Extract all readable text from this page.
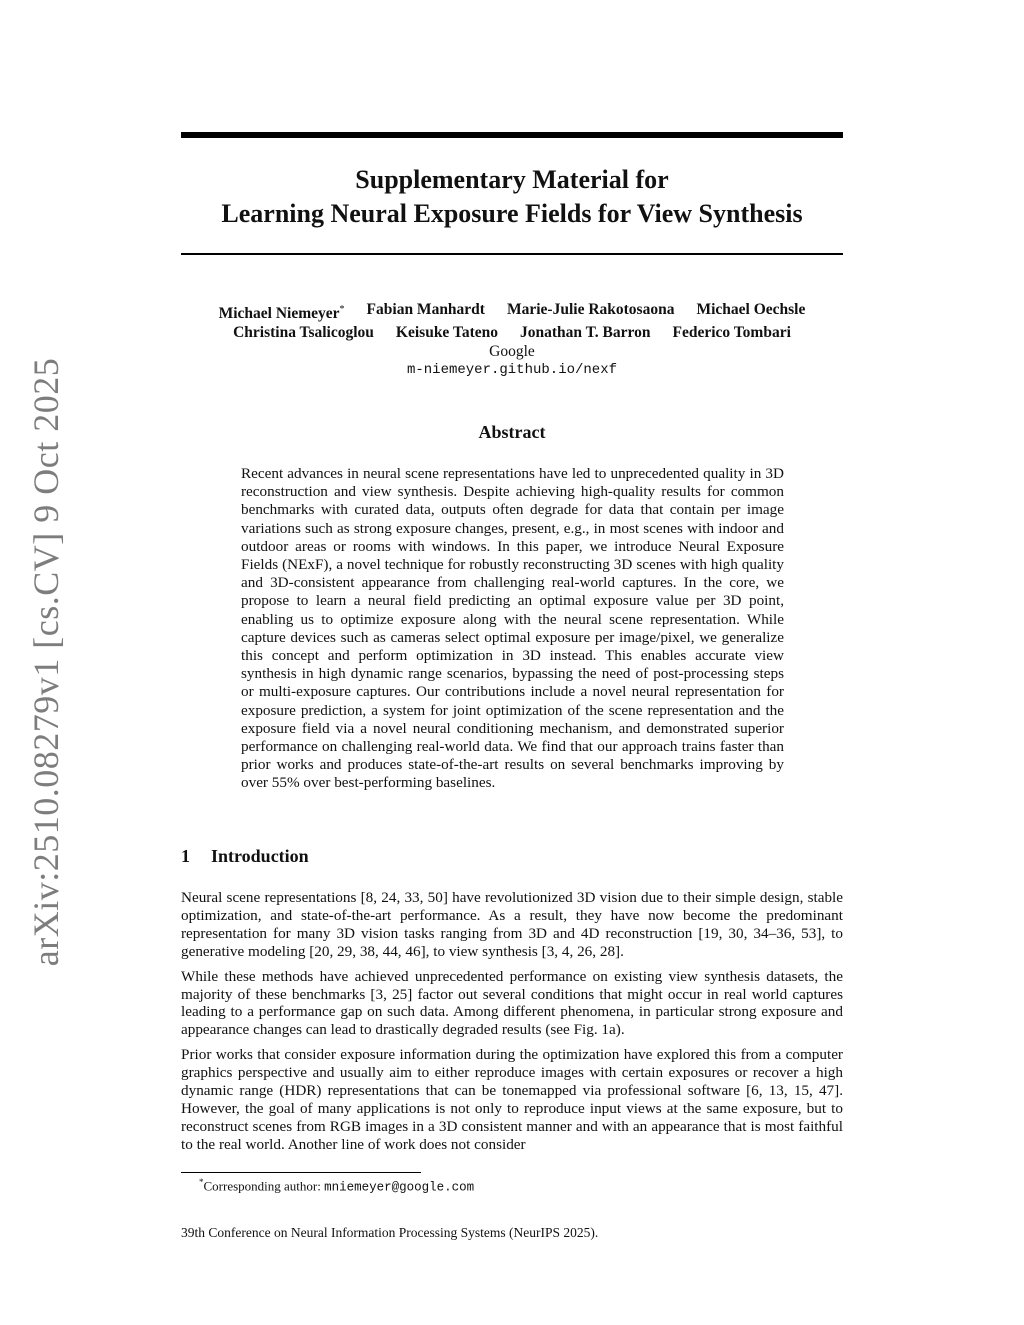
arXiv:2510.08279v1 [cs.CV] 9 Oct 2025
Supplementary Material for
Learning Neural Exposure Fields for View Synthesis
Michael Niemeyer* Fabian Manhardt Marie-Julie Rakotosaona Michael Oechsle
Christina Tsalicoglou Keisuke Tateno Jonathan T. Barron Federico Tombari
Google
m-niemeyer.github.io/nexf
Abstract
Recent advances in neural scene representations have led to unprecedented quality in 3D reconstruction and view synthesis. Despite achieving high-quality results for common benchmarks with curated data, outputs often degrade for data that contain per image variations such as strong exposure changes, present, e.g., in most scenes with indoor and outdoor areas or rooms with windows. In this paper, we introduce Neural Exposure Fields (NExF), a novel technique for robustly reconstructing 3D scenes with high quality and 3D-consistent appearance from challenging real-world captures. In the core, we propose to learn a neural field predicting an optimal exposure value per 3D point, enabling us to optimize exposure along with the neural scene representation. While capture devices such as cameras select optimal exposure per image/pixel, we generalize this concept and perform optimization in 3D instead. This enables accurate view synthesis in high dynamic range scenarios, bypassing the need of post-processing steps or multi-exposure captures. Our contributions include a novel neural representation for exposure prediction, a system for joint optimization of the scene representation and the exposure field via a novel neural conditioning mechanism, and demonstrated superior performance on challenging real-world data. We find that our approach trains faster than prior works and produces state-of-the-art results on several benchmarks improving by over 55% over best-performing baselines.
1 Introduction

Neural scene representations [8, 24, 33, 50] have revolutionized 3D vision due to their simple design, stable optimization, and state-of-the-art performance. As a result, they have now become the predominant representation for many 3D vision tasks ranging from 3D and 4D reconstruction [19, 30, 34–36, 53], to generative modeling [20, 29, 38, 44, 46], to view synthesis [3, 4, 26, 28].

While these methods have achieved unprecedented performance on existing view synthesis datasets, the majority of these benchmarks [3, 25] factor out several conditions that might occur in real world captures leading to a performance gap on such data. Among different phenomena, in particular strong exposure and appearance changes can lead to drastically degraded results (see Fig. 1a).

Prior works that consider exposure information during the optimization have explored this from a computer graphics perspective and usually aim to either reproduce images with certain exposures or recover a high dynamic range (HDR) representations that can be tonemapped via professional software [6, 13, 15, 47]. However, the goal of many applications is not only to reproduce input views at the same exposure, but to reconstruct scenes from RGB images in a 3D consistent manner and with an appearance that is most faithful to the real world. Another line of work does not consider

*Corresponding author: mniemeyer@google.com
39th Conference on Neural Information Processing Systems (NeurIPS 2025).
